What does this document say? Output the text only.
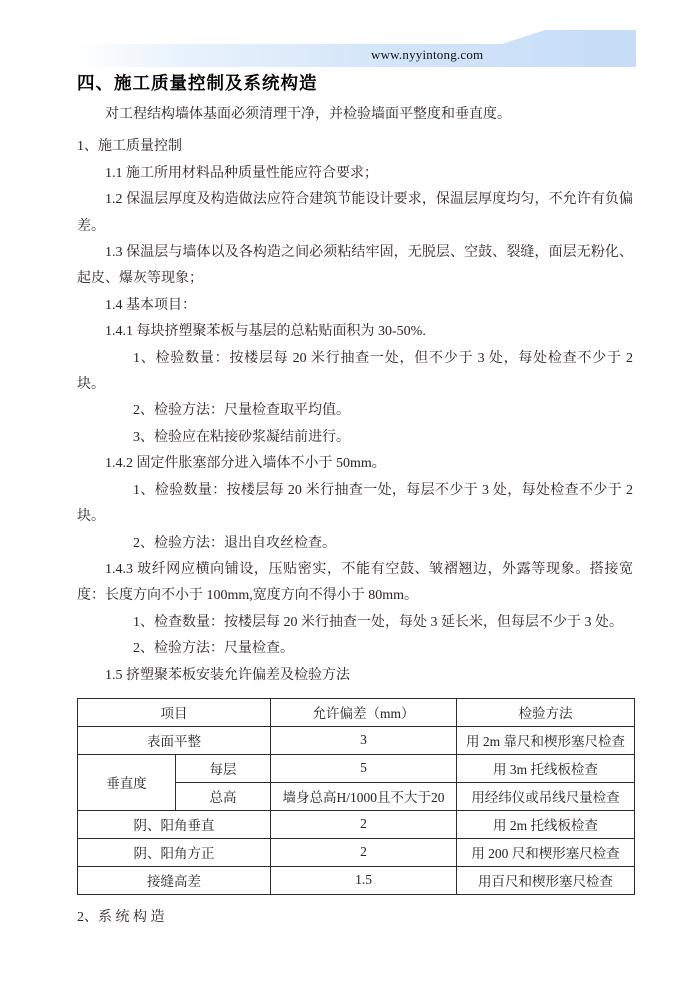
www.nyyintong.com
四、施工质量控制及系统构造

对工程结构墙体基面必须清理干净，并检验墙面平整度和垂直度。

1、施工质量控制

1.1 施工所用材料品种质量性能应符合要求；

1.2 保温层厚度及构造做法应符合建筑节能设计要求，保温层厚度均匀，不允许有负偏差。

1.3 保温层与墙体以及各构造之间必须粘结牢固，无脱层、空鼓、裂缝，面层无粉化、起皮、爆灰等现象；

1.4 基本项目：

1.4.1 每块挤塑聚苯板与基层的总粘贴面积为 30-50%.

1、检验数量：按楼层每 20 米行抽查一处，但不少于 3 处，每处检查不少于 2 块。

2、检验方法：尺量检查取平均值。

3、检验应在粘接砂浆凝结前进行。

1.4.2 固定件胀塞部分进入墙体不小于 50mm。

1、检验数量：按楼层每 20 米行抽查一处，每层不少于 3 处，每处检查不少于 2 块。

2、检验方法：退出自攻丝检查。

1.4.3 玻纤网应横向铺设，压贴密实，不能有空鼓、皱褶翘边，外露等现象。搭接宽度：长度方向不小于 100mm,宽度方向不得小于 80mm。

1、检查数量：按楼层每 20 米行抽查一处，每处 3 延长米，但每层不少于 3 处。

2、检验方法：尺量检查。

1.5 挤塑聚苯板安装允许偏差及检验方法

项目		允许偏差（mm）	检验方法
表面平整		3	用 2m 靠尺和楔形塞尺检查
垂直度	每层	5	用 3m 托线板检查
	总高	墙身总高H/1000且不大于20	用经纬仪或吊线尺量检查
阴、阳角垂直		2	用 2m 托线板检查
阴、阳角方正		2	用 200 尺和楔形塞尺检查
接缝高差		1.5	用百尺和楔形塞尺检查

2、系 统 构 造
